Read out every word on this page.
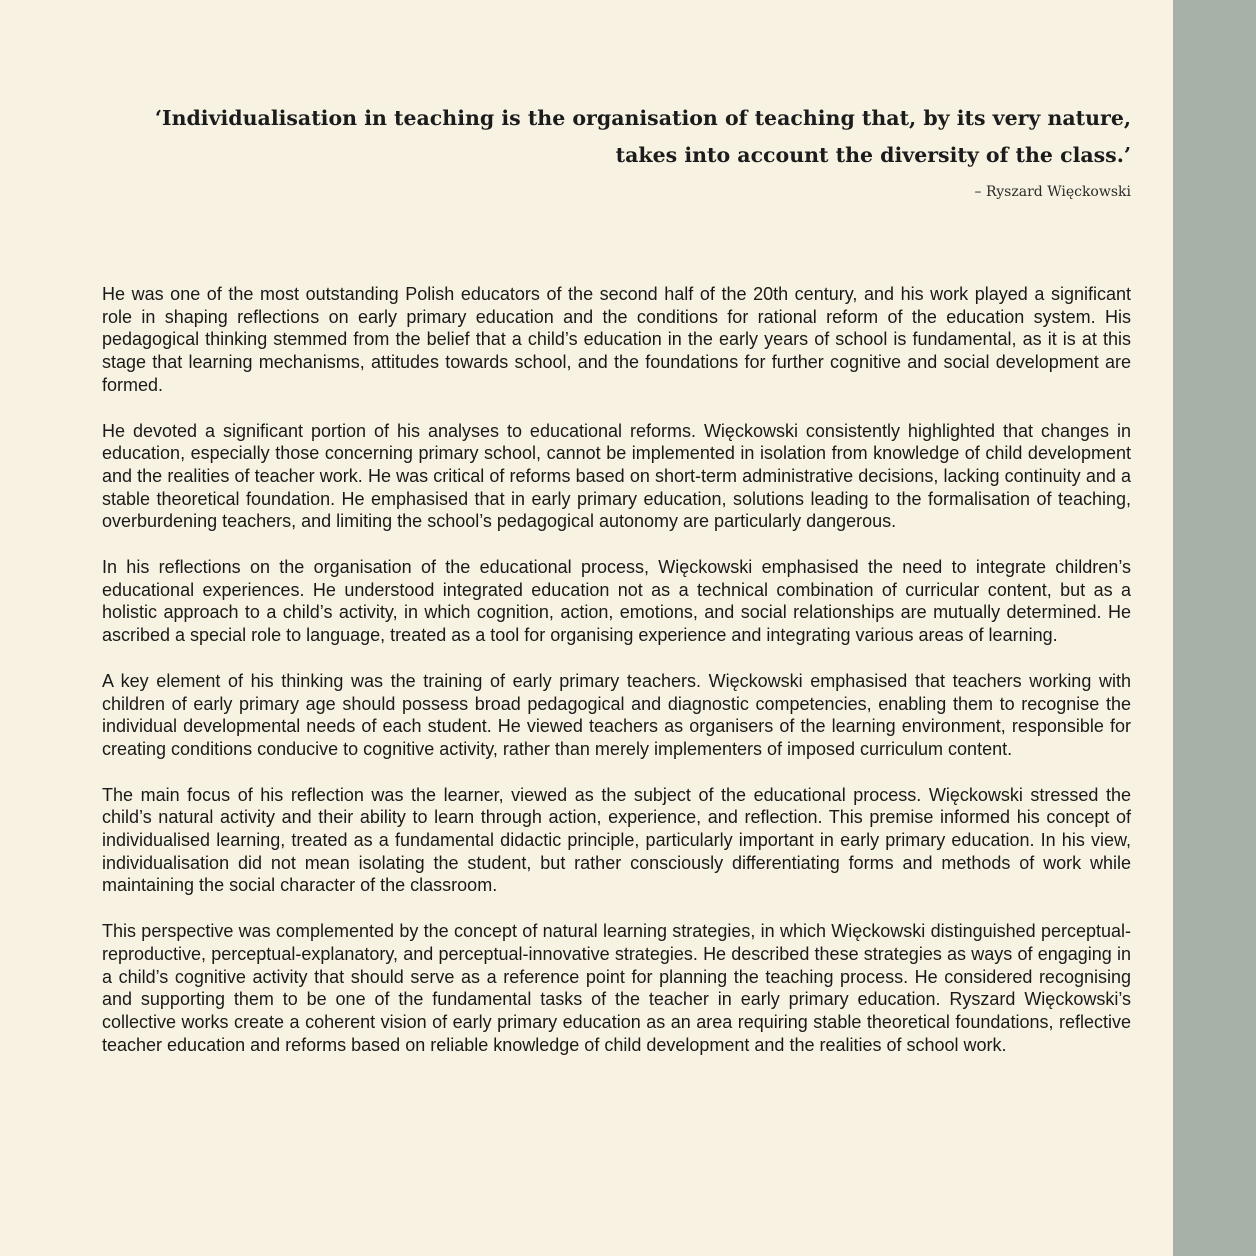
‘Individualisation in teaching is the organisation of teaching that, by its very nature,
takes into account the diversity of the class.’
– Ryszard Więckowski

He was one of the most outstanding Polish educators of the second half of the 20th century, and his work played a significant role in shaping reflections on early primary education and the conditions for rational reform of the education system. His pedagogical thinking stemmed from the belief that a child’s education in the early years of school is fundamental, as it is at this stage that learning mechanisms, attitudes towards school, and the foundations for further cognitive and social development are formed.

He devoted a significant portion of his analyses to educational reforms. Więckowski consistently highlighted that changes in education, especially those concerning primary school, cannot be implemented in isolation from knowledge of child development and the realities of teacher work. He was critical of reforms based on short-term administrative decisions, lacking continuity and a stable theoretical foundation. He emphasised that in early primary education, solutions leading to the formalisation of teaching, overburdening teachers, and limiting the school’s pedagogical autonomy are particularly dangerous.

In his reflections on the organisation of the educational process, Więckowski emphasised the need to integrate children’s educational experiences. He understood integrated education not as a technical combination of curricular content, but as a holistic approach to a child’s activity, in which cognition, action, emotions, and social relationships are mutually determined. He ascribed a special role to language, treated as a tool for organising experience and integrating various areas of learning.

A key element of his thinking was the training of early primary teachers. Więckowski emphasised that teachers working with children of early primary age should possess broad pedagogical and diagnostic competencies, enabling them to recognise the individual developmental needs of each student. He viewed teachers as organisers of the learning environment, responsible for creating conditions conducive to cognitive activity, rather than merely implementers of imposed curriculum content.

The main focus of his reflection was the learner, viewed as the subject of the educational process. Więckowski stressed the child’s natural activity and their ability to learn through action, experience, and reflection. This premise informed his concept of individualised learning, treated as a fundamental didactic principle, particularly important in early primary education. In his view, individualisation did not mean isolating the student, but rather consciously differentiating forms and methods of work while maintaining the social character of the classroom.

This perspective was complemented by the concept of natural learning strategies, in which Więckowski distinguished perceptual-reproductive, perceptual-explanatory, and perceptual-innovative strategies. He described these strategies as ways of engaging in a child’s cognitive activity that should serve as a reference point for planning the teaching process. He considered recognising and supporting them to be one of the fundamental tasks of the teacher in early primary education. Ryszard Więckowski’s collective works create a coherent vision of early primary education as an area requiring stable theoretical foundations, reflective teacher education and reforms based on reliable knowledge of child development and the realities of school work.
